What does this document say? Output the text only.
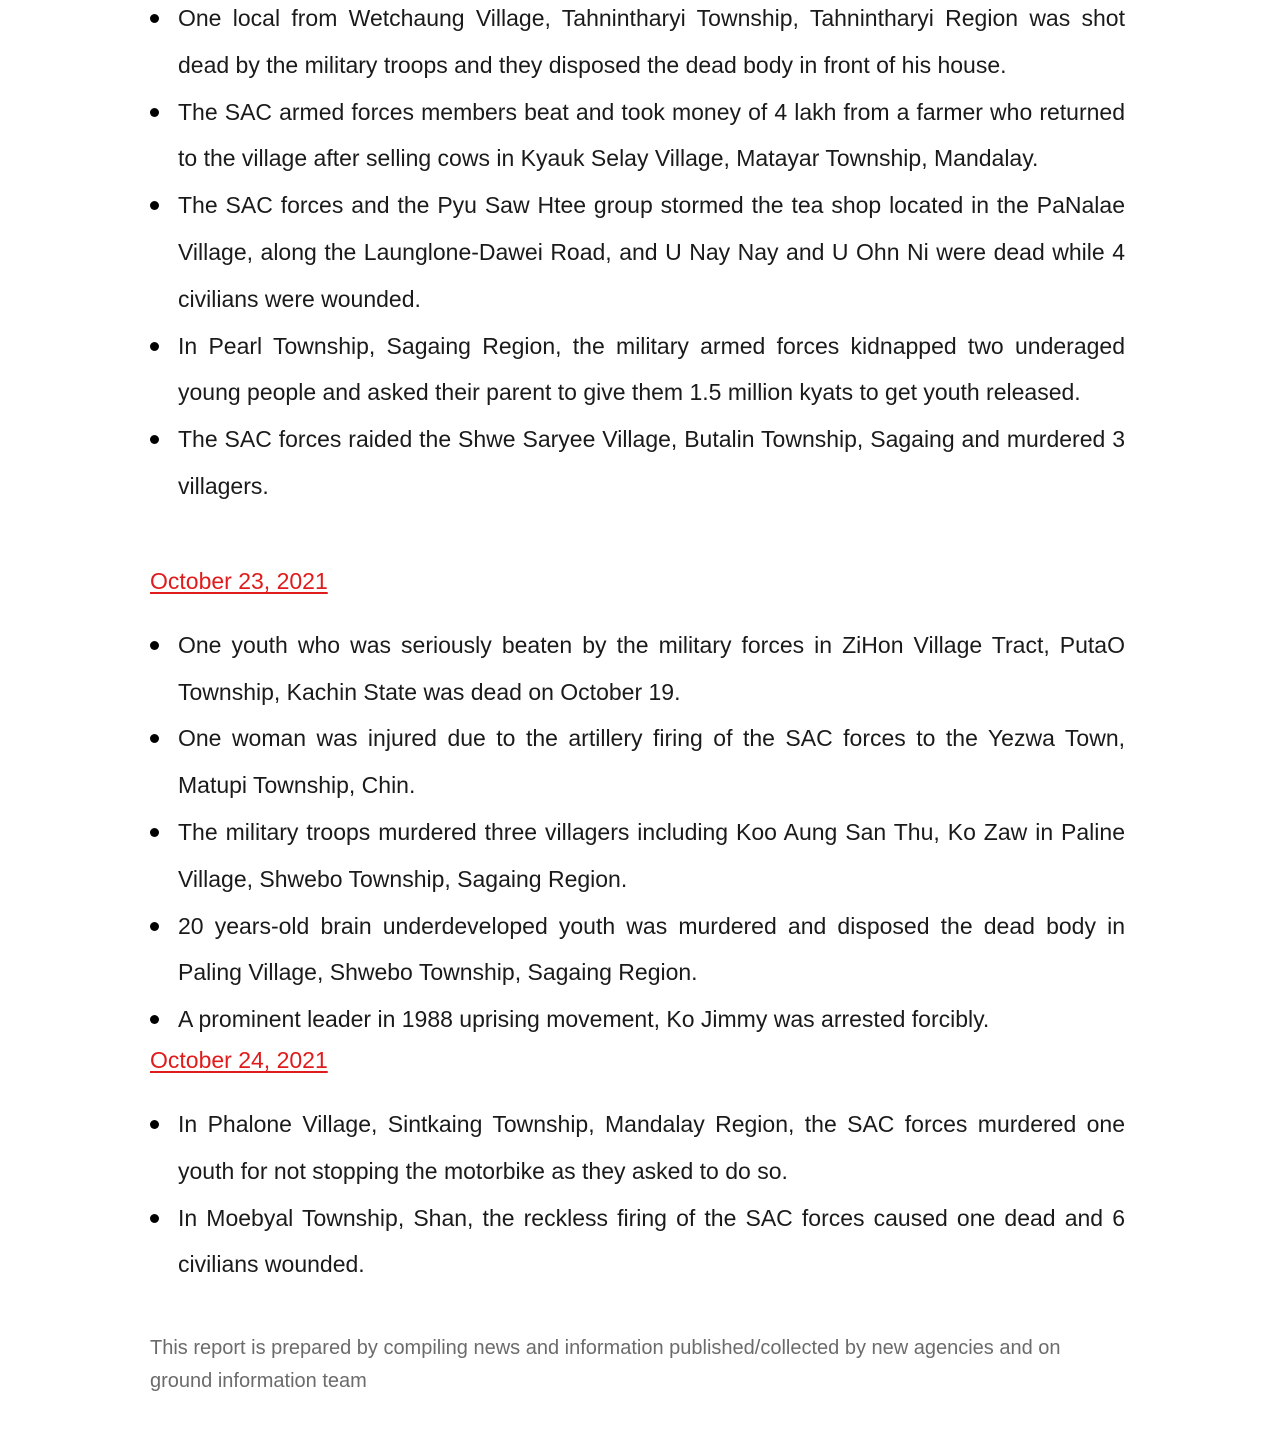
One local from Wetchaung Village, Tahnintharyi Township, Tahnintharyi Region was shot dead by the military troops and they disposed the dead body in front of his house.
The SAC armed forces members beat and took money of 4 lakh from a farmer who returned to the village after selling cows in Kyauk Selay Village, Matayar Township, Mandalay.
The SAC forces and the Pyu Saw Htee group stormed the tea shop located in the PaNalae Village, along the Launglone-Dawei Road, and U Nay Nay and U Ohn Ni were dead while 4 civilians were wounded.
In Pearl Township, Sagaing Region, the military armed forces kidnapped two underaged young people and asked their parent to give them 1.5 million kyats to get youth released.
The SAC forces raided the Shwe Saryee Village, Butalin Township, Sagaing and murdered 3 villagers.
October 23, 2021
One youth who was seriously beaten by the military forces in ZiHon Village Tract, PutaO Township, Kachin State was dead on October 19.
One woman was injured due to the artillery firing of the SAC forces to the Yezwa Town, Matupi Township, Chin.
The military troops murdered three villagers including Koo Aung San Thu, Ko Zaw in Paline Village, Shwebo Township, Sagaing Region.
20 years-old brain underdeveloped youth was murdered and disposed the dead body in Paling Village, Shwebo Township, Sagaing Region.
A prominent leader in 1988 uprising movement, Ko Jimmy was arrested forcibly.
October 24, 2021
In Phalone Village, Sintkaing Township, Mandalay Region, the SAC forces murdered one youth for not stopping the motorbike as they asked to do so.
In Moebyal Township, Shan, the reckless firing of the SAC forces caused one dead and 6 civilians wounded.

This report is prepared by compiling news and information published/collected by new agencies and on ground information team
